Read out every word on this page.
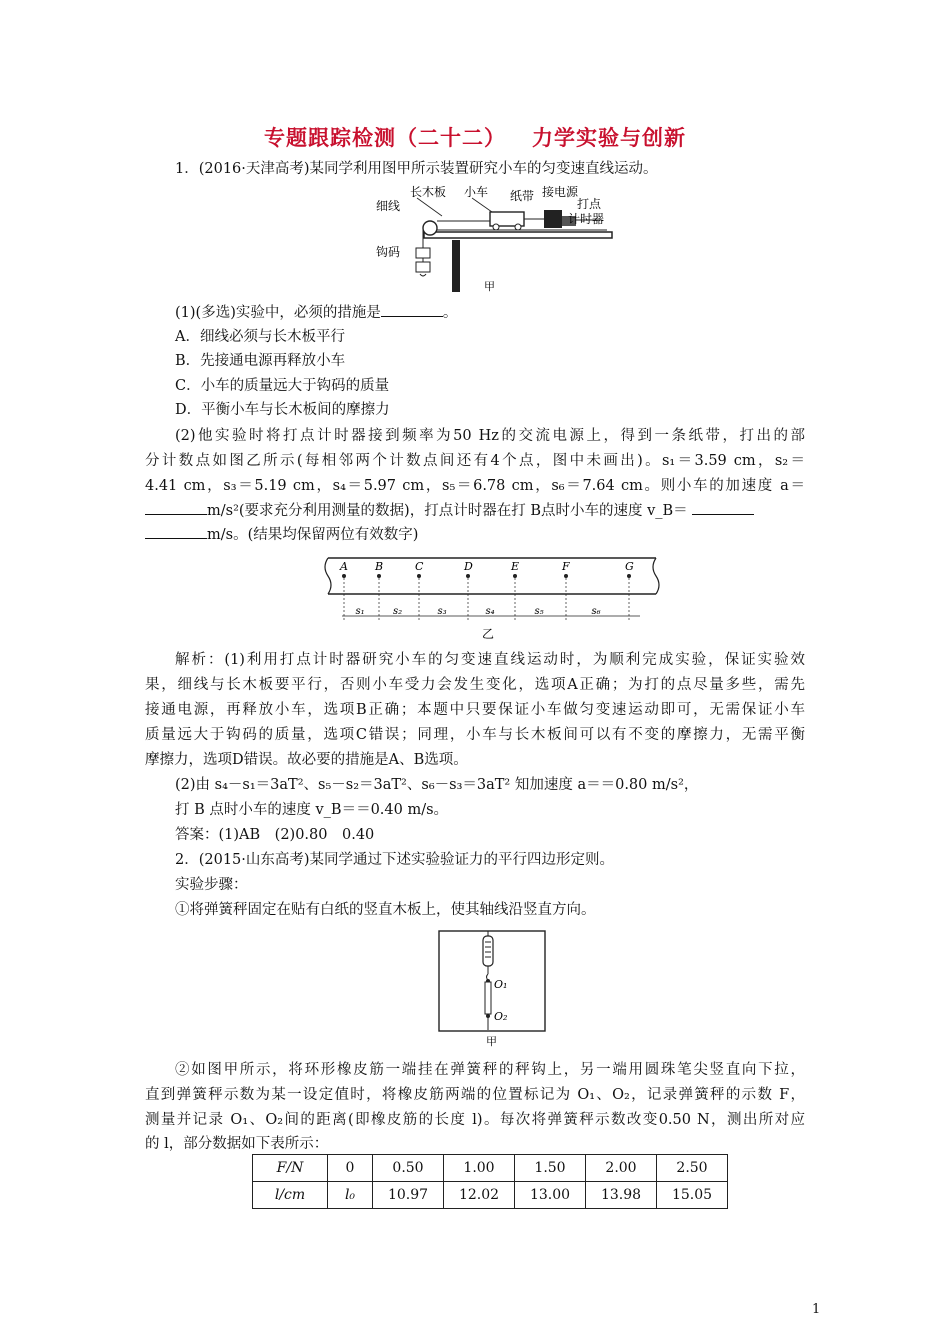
专题跟踪检测（二十二） 力学实验与创新
1．(2016·天津高考)某同学利用图甲所示装置研究小车的匀变速直线运动。
长木板 小车 纸带 接电源
打点
计时器
细线
钩码
甲
(1)(多选)实验中，必须的措施是	。
A．细线必须与长木板平行
B．先接通电源再释放小车
C．小车的质量远大于钩码的质量
D．平衡小车与长木板间的摩擦力
(2)他实验时将打点计时器接到频率为50 Hz的交流电源上，得到一条纸带，打出的部
分计数点如图乙所示(每相邻两个计数点间还有4个点，图中未画出)。s₁＝3.59 cm，s₂＝
4.41 cm，s₃＝5.19 cm，s₄＝5.97 cm，s₅＝6.78 cm，s₆＝7.64 cm。则小车的加速度 a＝
m/s²(要求充分利用测量的数据)，打点计时器在打 B点时小车的速度 v_B＝
m/s。(结果均保留两位有效数字)
A B	C	D	E	F	G
s₁	s₂	s₃	s₄	s₅	s₆
乙
解析：(1)利用打点计时器研究小车的匀变速直线运动时，为顺利完成实验，保证实验效
果，细线与长木板要平行，否则小车受力会发生变化，选项A正确；为打的点尽量多些，需先
接通电源，再释放小车，选项B正确；本题中只要保证小车做匀变速运动即可，无需保证小车
质量远大于钩码的质量，选项C错误；同理，小车与长木板间可以有不变的摩擦力，无需平衡
摩擦力，选项D错误。故必要的措施是A、B选项。
(2)由 s₄－s₁＝3aT²、s₅－s₂＝3aT²、s₆－s₃＝3aT² 知加速度 a＝＝0.80 m/s²，
打 B 点时小车的速度 v_B＝＝0.40 m/s。
答案：(1)AB　(2)0.80　0.40
2．(2015·山东高考)某同学通过下述实验验证力的平行四边形定则。
实验步骤：
①将弹簧秤固定在贴有白纸的竖直木板上，使其轴线沿竖直方向。
O₁
O₂
甲
②如图甲所示，将环形橡皮筋一端挂在弹簧秤的秤钩上，另一端用圆珠笔尖竖直向下拉，
直到弹簧秤示数为某一设定值时，将橡皮筋两端的位置标记为 O₁、O₂，记录弹簧秤的示数 F，
测量并记录 O₁、O₂间的距离(即橡皮筋的长度 l)。每次将弹簧秤示数改变0.50 N，测出所对应
的 l，部分数据如下表所示：
F/N	0	0.50	1.00	1.50	2.00	2.50
l/cm	l₀	10.97	12.02	13.00	13.98	15.05
1
